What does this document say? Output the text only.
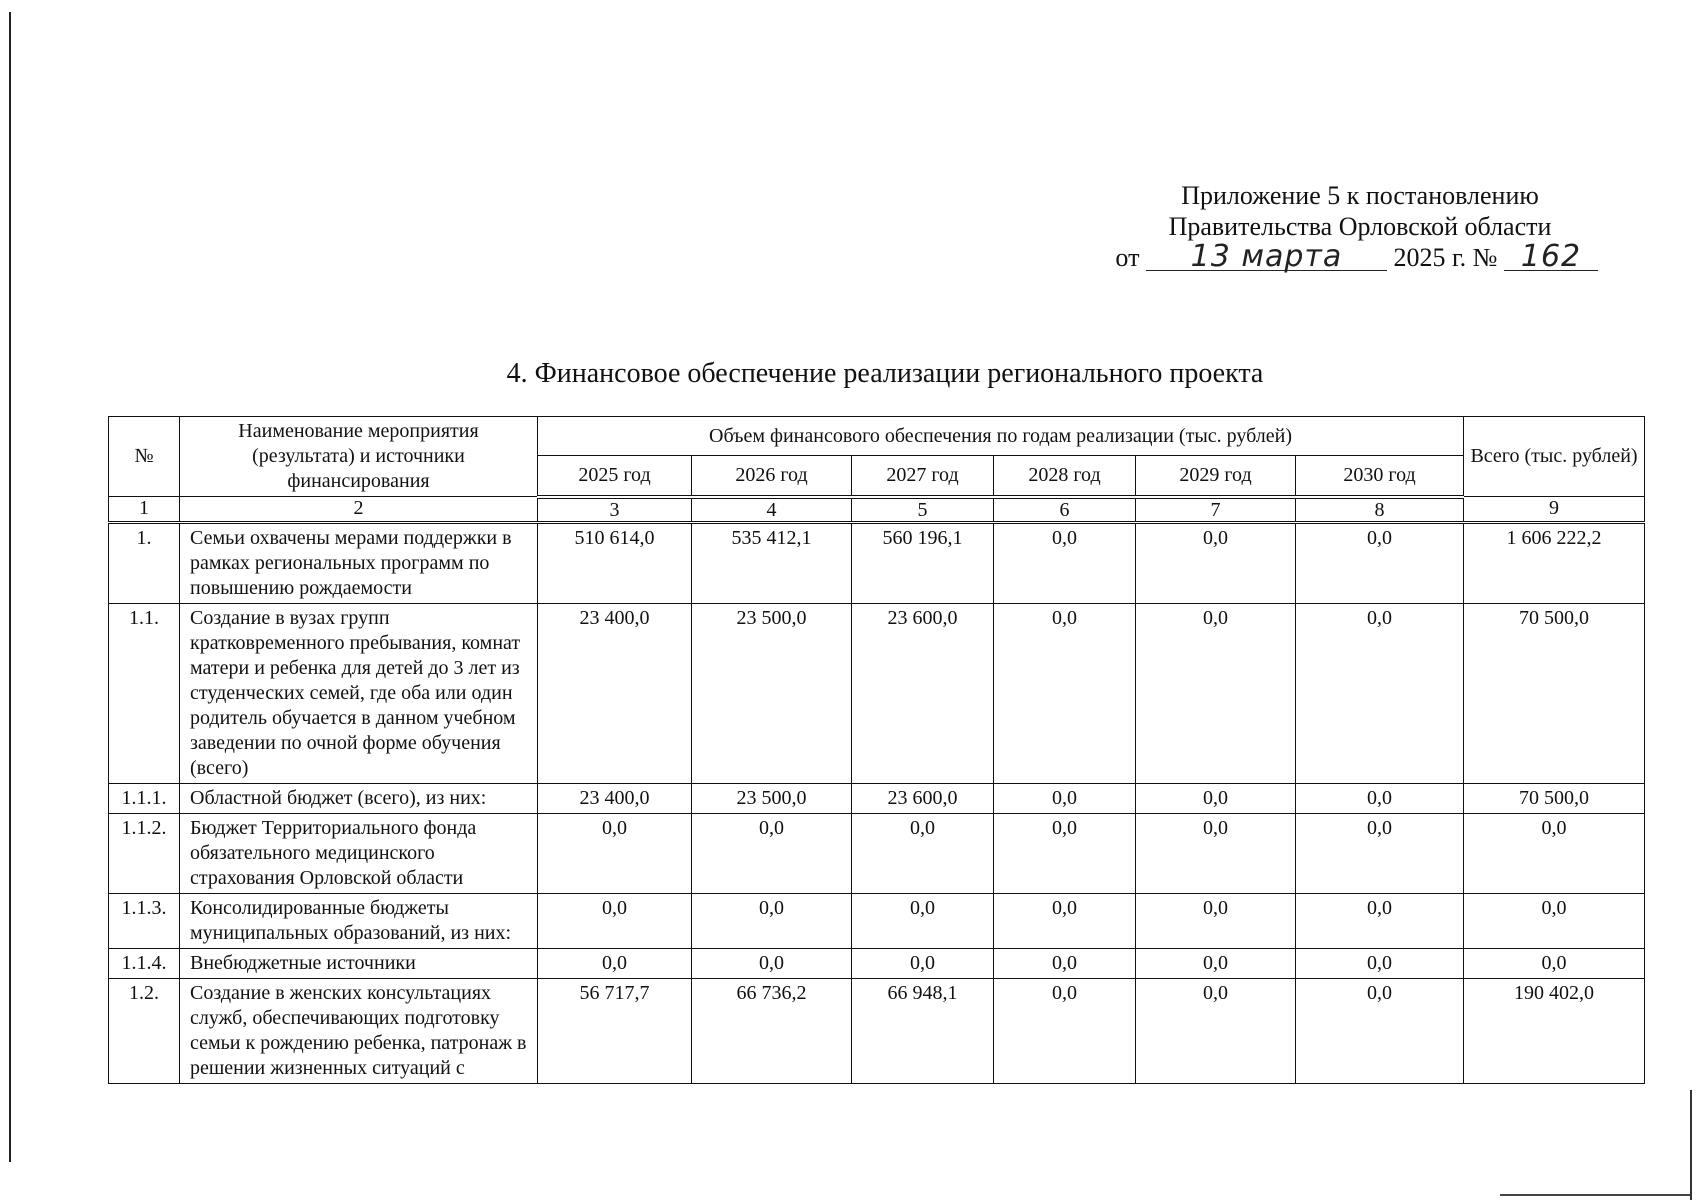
Приложение 5 к постановлению
Правительства Орловской области
от 13 марта 2025 г. № 162
4. Финансовое обеспечение реализации регионального проекта
№	Наименование мероприятия (результата) и источники финансирования	Объем финансового обеспечения по годам реализации (тыс. рублей)						Всего (тыс. рублей)
		2025 год	2026 год	2027 год	2028 год	2029 год	2030 год	
1	2	3	4	5	6	7	8	9
1.	Семьи охвачены мерами поддержки в рамках региональных программ по повышению рождаемости	510 614,0	535 412,1	560 196,1	0,0	0,0	0,0	1 606 222,2
1.1.	Создание в вузах групп кратковременного пребывания, комнат матери и ребенка для детей до 3 лет из студенческих семей, где оба или один родитель обучается в данном учебном заведении по очной форме обучения (всего)	23 400,0	23 500,0	23 600,0	0,0	0,0	0,0	70 500,0
1.1.1.	Областной бюджет (всего), из них:	23 400,0	23 500,0	23 600,0	0,0	0,0	0,0	70 500,0
1.1.2.	Бюджет Территориального фонда обязательного медицинского страхования Орловской области	0,0	0,0	0,0	0,0	0,0	0,0	0,0
1.1.3.	Консолидированные бюджеты муниципальных образований, из них:	0,0	0,0	0,0	0,0	0,0	0,0	0,0
1.1.4.	Внебюджетные источники	0,0	0,0	0,0	0,0	0,0	0,0	0,0
1.2.	Создание в женских консультациях служб, обеспечивающих подготовку семьи к рождению ребенка, патронаж в решении жизненных ситуаций с	56 717,7	66 736,2	66 948,1	0,0	0,0	0,0	190 402,0
